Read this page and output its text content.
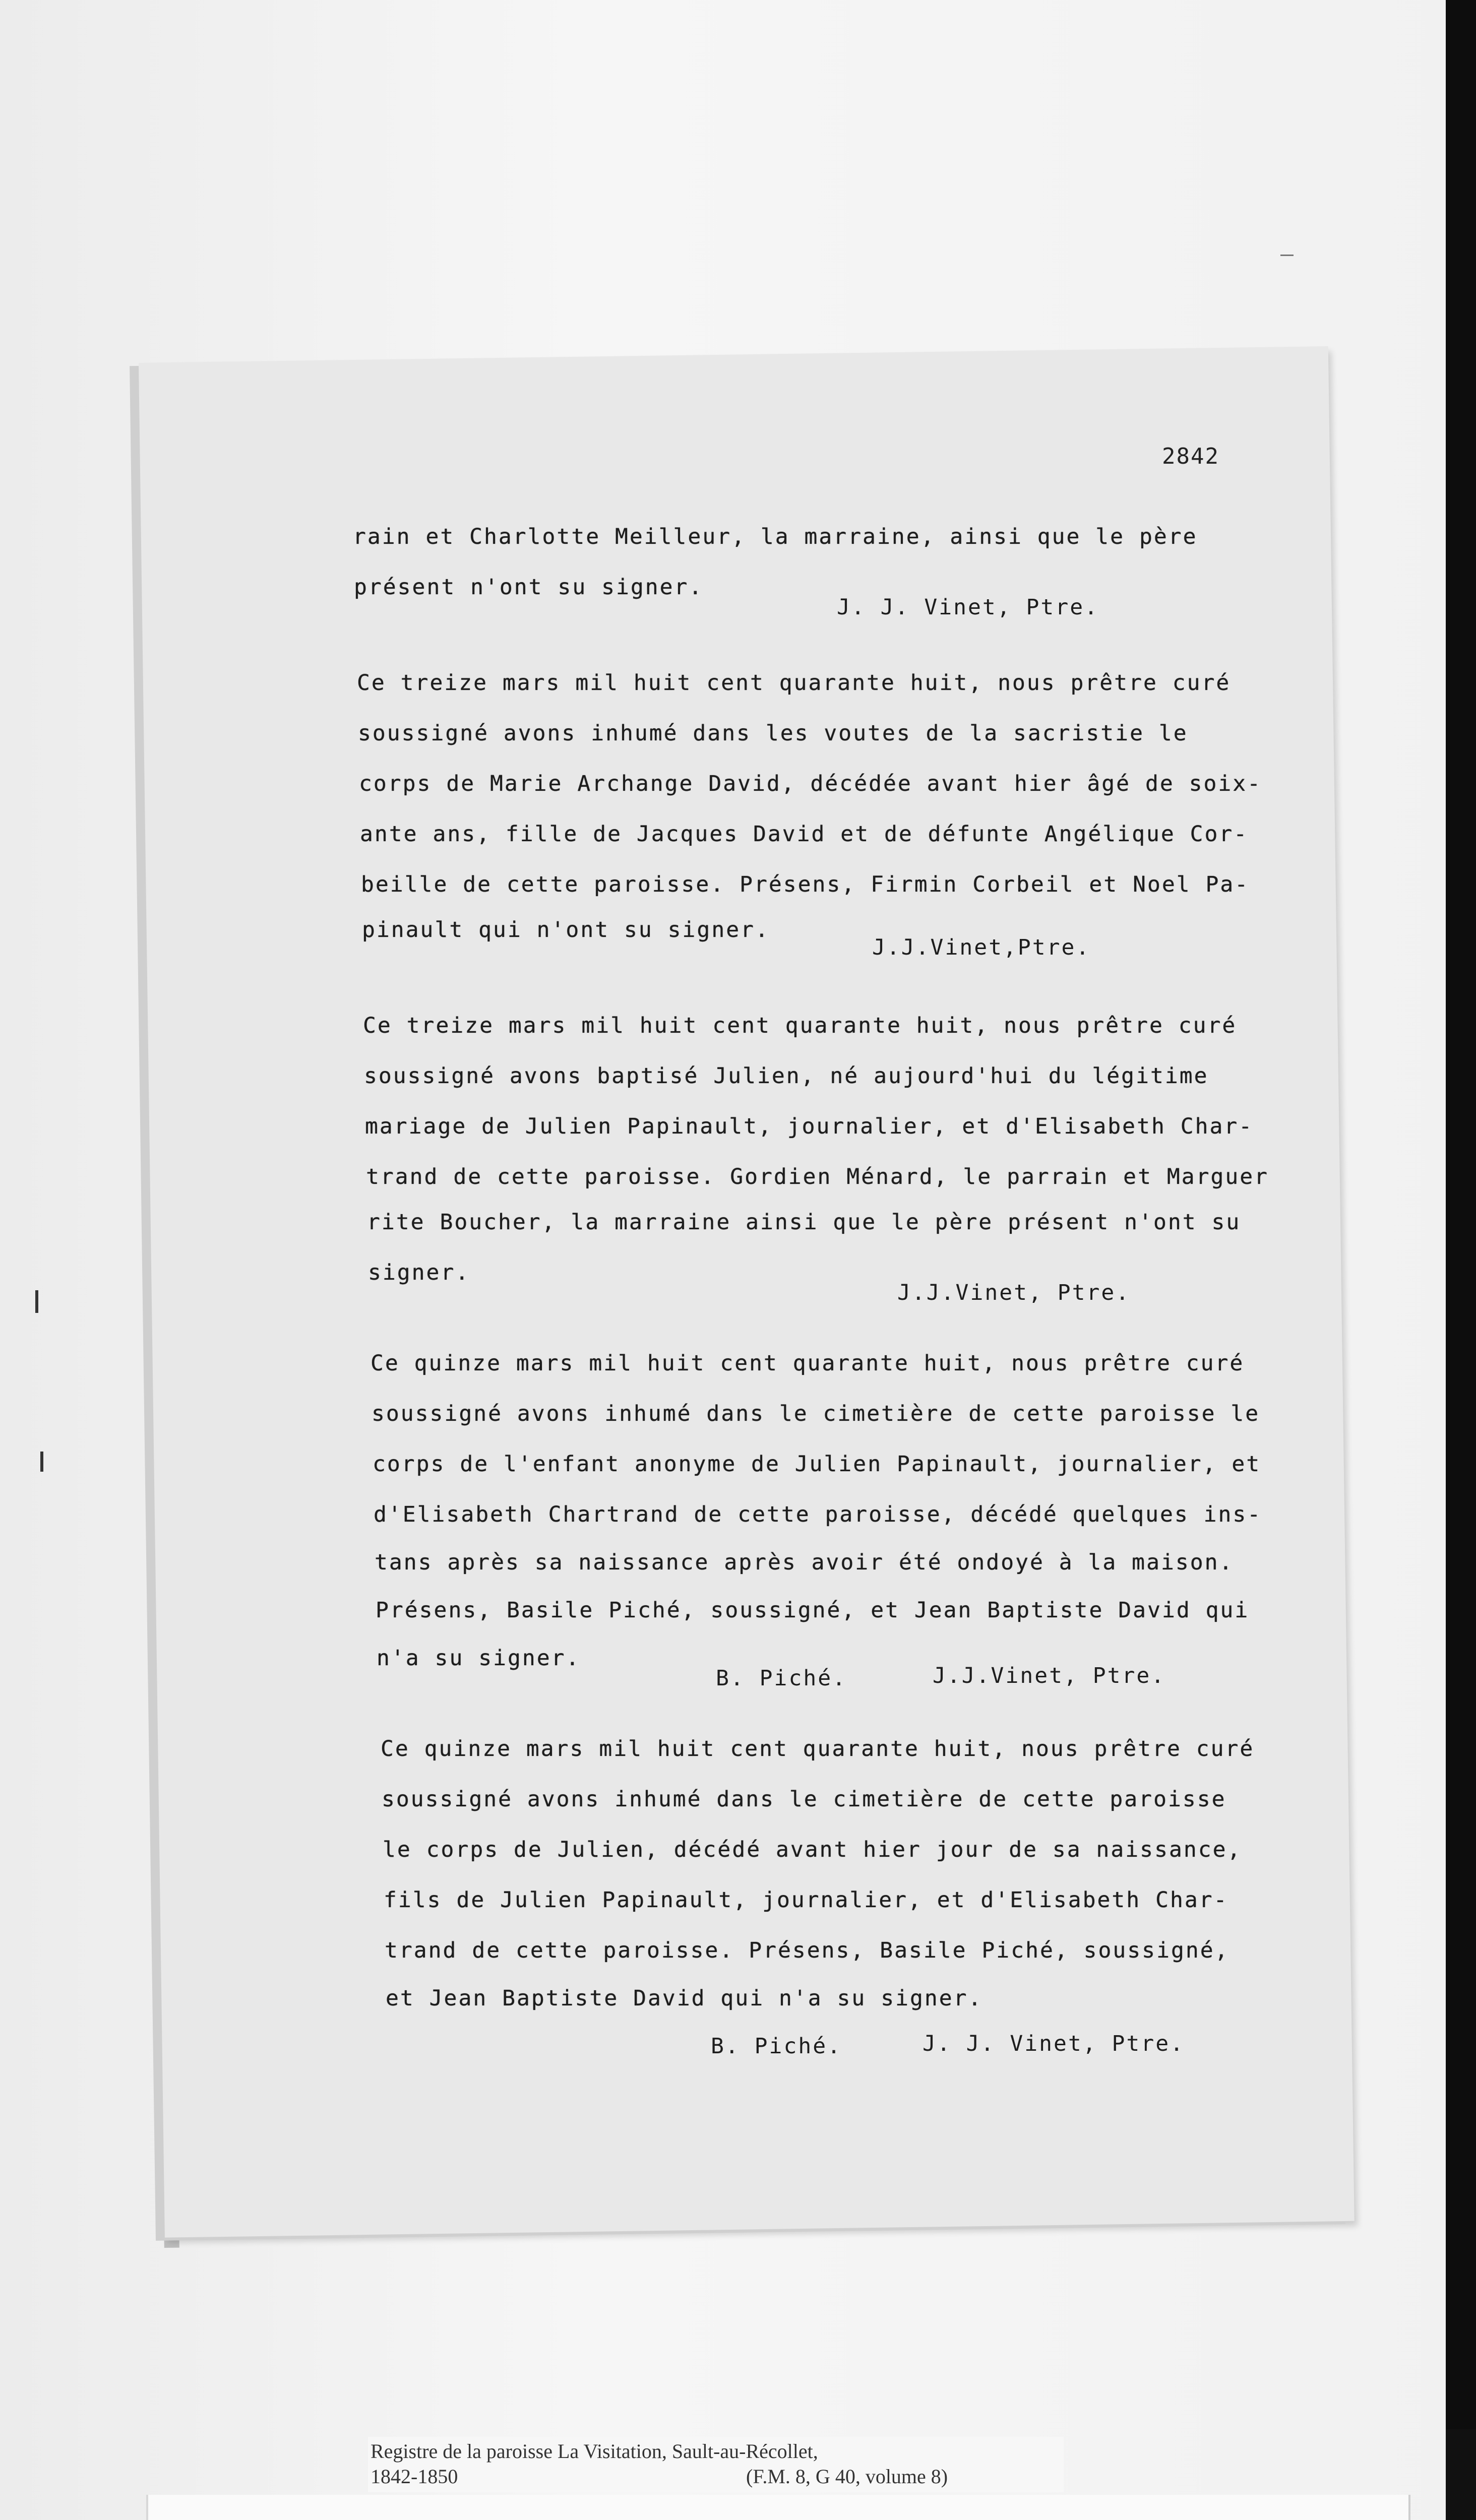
2842
rain et Charlotte Meilleur, la marraine, ainsi que le père
présent n'ont su signer.
J. J. Vinet, Ptre.
Ce treize mars mil huit cent quarante huit, nous prêtre curé
soussigné avons inhumé dans les voutes de la sacristie le
corps de Marie Archange David, décédée avant hier âgé de soix-
ante ans, fille de Jacques David et de défunte Angélique Cor-
beille de cette paroisse. Présens, Firmin Corbeil et Noel Pa-
pinault qui n'ont su signer.
J.J.Vinet,Ptre.
Ce treize mars mil huit cent quarante huit, nous prêtre curé
soussigné avons baptisé Julien, né aujourd'hui du légitime
mariage de Julien Papinault, journalier, et d'Elisabeth Char-
trand de cette paroisse. Gordien Ménard, le parrain et Marguer
rite Boucher, la marraine ainsi que le père présent n'ont su
signer.
J.J.Vinet, Ptre.
Ce quinze mars mil huit cent quarante huit, nous prêtre curé
soussigné avons inhumé dans le cimetière de cette paroisse le
corps de l'enfant anonyme de Julien Papinault, journalier, et
d'Elisabeth Chartrand de cette paroisse, décédé quelques ins-
tans après sa naissance après avoir été ondoyé à la maison.
Présens, Basile Piché, soussigné, et Jean Baptiste David qui
n'a su signer.
B. Piché.	J.J.Vinet, Ptre.
Ce quinze mars mil huit cent quarante huit, nous prêtre curé
soussigné avons inhumé dans le cimetière de cette paroisse
le corps de Julien, décédé avant hier jour de sa naissance,
fils de Julien Papinault, journalier, et d'Elisabeth Char-
trand de cette paroisse. Présens, Basile Piché, soussigné,
et Jean Baptiste David qui n'a su signer.
B. Piché.	J. J. Vinet, Ptre.
Registre de la paroisse La Visitation, Sault-au-Récollet,
1842-1850	(F.M. 8, G 40, volume 8)
